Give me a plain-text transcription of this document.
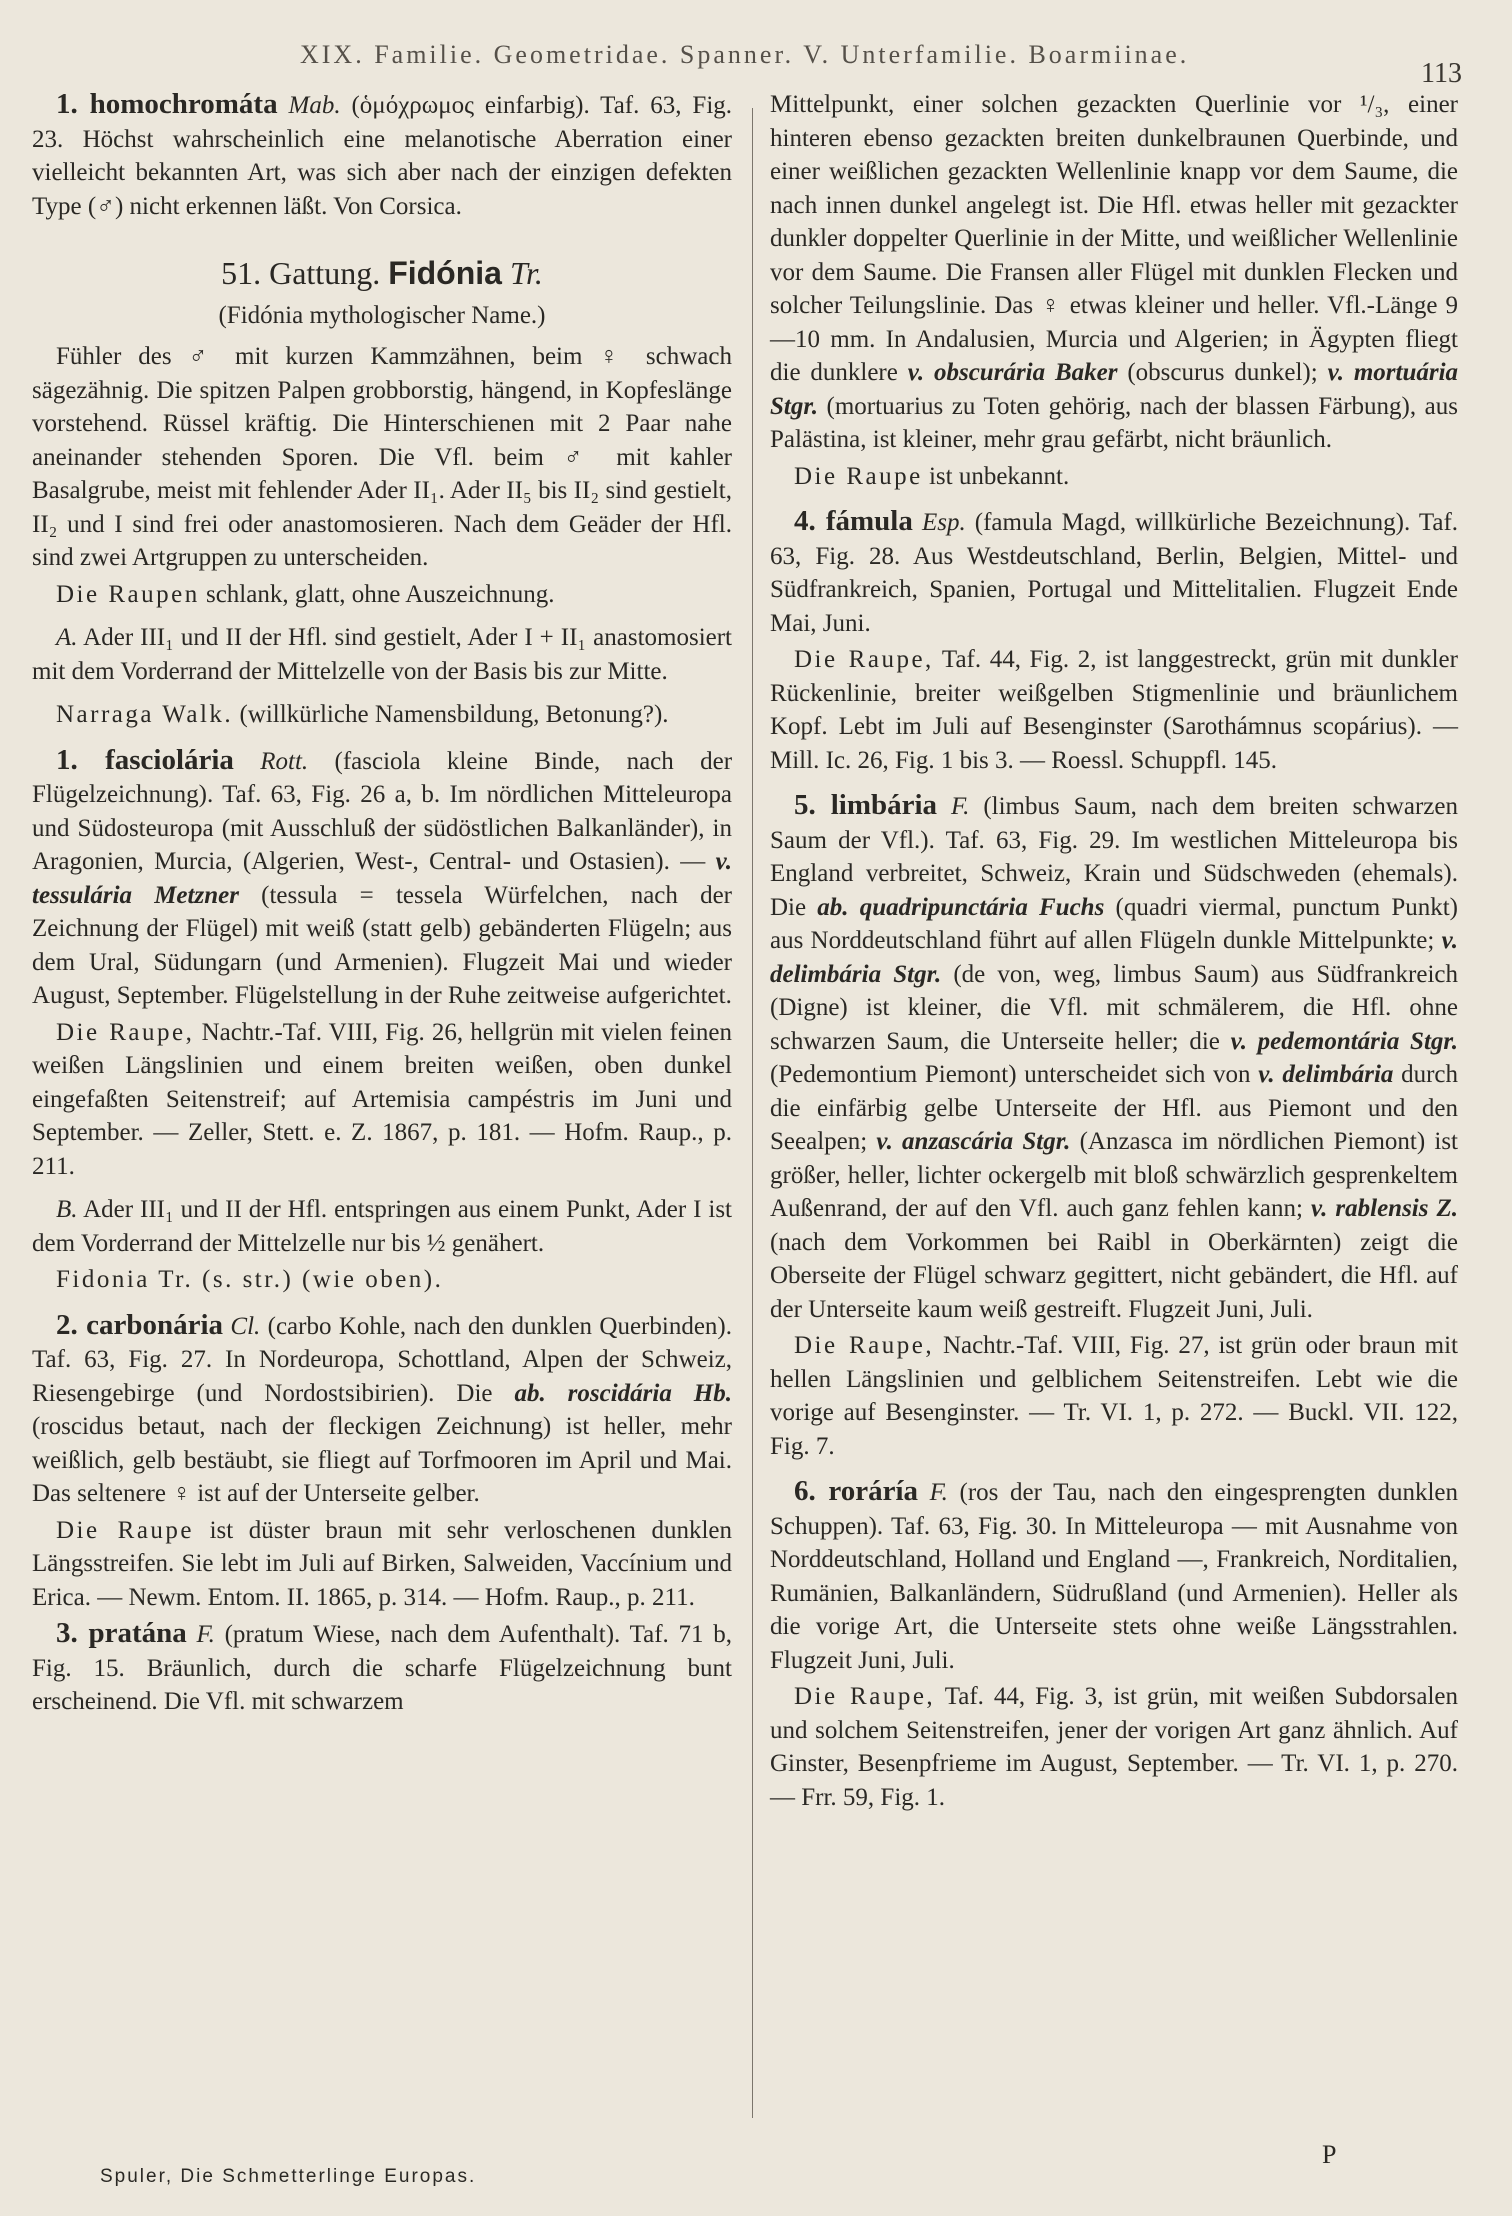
XIX. Familie. Geometridae. Spanner. V. Unterfamilie. Boarmiinae.
113

1. homochromáta Mab. (ὁμόχρωμος einfarbig). Taf. 63, Fig. 23. Höchst wahrscheinlich eine melanotische Aberration einer vielleicht bekannten Art, was sich aber nach der einzigen defekten Type (♂) nicht erkennen läßt. Von Corsica.

51. Gattung. Fidónia Tr.

(Fidónia mythologischer Name.)

Fühler des ♂ mit kurzen Kammzähnen, beim ♀ schwach sägezähnig. Die spitzen Palpen grobborstig, hängend, in Kopfeslänge vorstehend. Rüssel kräftig. Die Hinterschienen mit 2 Paar nahe aneinander stehenden Sporen. Die Vfl. beim ♂ mit kahler Basalgrube, meist mit fehlender Ader II₁. Ader II₅ bis II₂ sind gestielt, II₂ und I sind frei oder anastomosieren. Nach dem Geäder der Hfl. sind zwei Artgruppen zu unterscheiden.

Die Raupen schlank, glatt, ohne Auszeichnung.

A. Ader III₁ und II der Hfl. sind gestielt, Ader I + II₁ anastomosiert mit dem Vorderrand der Mittelzelle von der Basis bis zur Mitte.

Narraga Walk. (willkürliche Namensbildung, Betonung?).

1. fasciolária Rott. (fasciola kleine Binde, nach der Flügelzeichnung). Taf. 63, Fig. 26 a, b. Im nördlichen Mitteleuropa und Südosteuropa (mit Ausschluß der südöstlichen Balkanländer), in Aragonien, Murcia, (Algerien, West-, Central- und Ostasien). — v. tessulária Metzner (tessula = tessela Würfelchen, nach der Zeichnung der Flügel) mit weiß (statt gelb) gebänderten Flügeln; aus dem Ural, Südungarn (und Armenien). Flugzeit Mai und wieder August, September. Flügelstellung in der Ruhe zeitweise aufgerichtet.

Die Raupe, Nachtr.-Taf. VIII, Fig. 26, hellgrün mit vielen feinen weißen Längslinien und einem breiten weißen, oben dunkel eingefaßten Seitenstreif; auf Artemisia campéstris im Juni und September. — Zeller, Stett. e. Z. 1867, p. 181. — Hofm. Raup., p. 211.

B. Ader III₁ und II der Hfl. entspringen aus einem Punkt, Ader I ist dem Vorderrand der Mittelzelle nur bis ½ genähert.

Fidonia Tr. (s. str.) (wie oben).

2. carbonária Cl. (carbo Kohle, nach den dunklen Querbinden). Taf. 63, Fig. 27. In Nordeuropa, Schottland, Alpen der Schweiz, Riesengebirge (und Nordostsibirien). Die ab. roscidária Hb. (roscidus betaut, nach der fleckigen Zeichnung) ist heller, mehr weißlich, gelb bestäubt, sie fliegt auf Torfmooren im April und Mai. Das seltenere ♀ ist auf der Unterseite gelber.

Die Raupe ist düster braun mit sehr verloschenen dunklen Längsstreifen. Sie lebt im Juli auf Birken, Salweiden, Vaccínium und Erica. — Newm. Entom. II. 1865, p. 314. — Hofm. Raup., p. 211.

3. pratána F. (pratum Wiese, nach dem Aufenthalt). Taf. 71 b, Fig. 15. Bräunlich, durch die scharfe Flügelzeichnung bunt erscheinend. Die Vfl. mit schwarzem

Mittelpunkt, einer solchen gezackten Querlinie vor ¹/₃, einer hinteren ebenso gezackten breiten dunkelbraunen Querbinde, und einer weißlichen gezackten Wellenlinie knapp vor dem Saume, die nach innen dunkel angelegt ist. Die Hfl. etwas heller mit gezackter dunkler doppelter Querlinie in der Mitte, und weißlicher Wellenlinie vor dem Saume. Die Fransen aller Flügel mit dunklen Flecken und solcher Teilungslinie. Das ♀ etwas kleiner und heller. Vfl.-Länge 9—10 mm. In Andalusien, Murcia und Algerien; in Ägypten fliegt die dunklere v. obscurária Baker (obscurus dunkel); v. mortuária Stgr. (mortuarius zu Toten gehörig, nach der blassen Färbung), aus Palästina, ist kleiner, mehr grau gefärbt, nicht bräunlich.

Die Raupe ist unbekannt.

4. fámula Esp. (famula Magd, willkürliche Bezeichnung). Taf. 63, Fig. 28. Aus Westdeutschland, Berlin, Belgien, Mittel- und Südfrankreich, Spanien, Portugal und Mittelitalien. Flugzeit Ende Mai, Juni.

Die Raupe, Taf. 44, Fig. 2, ist langgestreckt, grün mit dunkler Rückenlinie, breiter weißgelben Stigmenlinie und bräunlichem Kopf. Lebt im Juli auf Besenginster (Sarothámnus scopárius). — Mill. Ic. 26, Fig. 1 bis 3. — Roessl. Schuppfl. 145.

5. limbária F. (limbus Saum, nach dem breiten schwarzen Saum der Vfl.). Taf. 63, Fig. 29. Im westlichen Mitteleuropa bis England verbreitet, Schweiz, Krain und Südschweden (ehemals). Die ab. quadripunctária Fuchs (quadri viermal, punctum Punkt) aus Norddeutschland führt auf allen Flügeln dunkle Mittelpunkte; v. delimbária Stgr. (de von, weg, limbus Saum) aus Südfrankreich (Digne) ist kleiner, die Vfl. mit schmälerem, die Hfl. ohne schwarzen Saum, die Unterseite heller; die v. pedemontária Stgr. (Pedemontium Piemont) unterscheidet sich von v. delimbária durch die einfärbig gelbe Unterseite der Hfl. aus Piemont und den Seealpen; v. anzascária Stgr. (Anzasca im nördlichen Piemont) ist größer, heller, lichter ockergelb mit bloß schwärzlich gesprenkeltem Außenrand, der auf den Vfl. auch ganz fehlen kann; v. rablensis Z. (nach dem Vorkommen bei Raibl in Oberkärnten) zeigt die Oberseite der Flügel schwarz gegittert, nicht gebändert, die Hfl. auf der Unterseite kaum weiß gestreift. Flugzeit Juni, Juli.

Die Raupe, Nachtr.-Taf. VIII, Fig. 27, ist grün oder braun mit hellen Längslinien und gelblichem Seitenstreifen. Lebt wie die vorige auf Besenginster. — Tr. VI. 1, p. 272. — Buckl. VII. 122, Fig. 7.

6. roráría F. (ros der Tau, nach den eingesprengten dunklen Schuppen). Taf. 63, Fig. 30. In Mitteleuropa — mit Ausnahme von Norddeutschland, Holland und England —, Frankreich, Norditalien, Rumänien, Balkanländern, Südrußland (und Armenien). Heller als die vorige Art, die Unterseite stets ohne weiße Längsstrahlen. Flugzeit Juni, Juli.

Die Raupe, Taf. 44, Fig. 3, ist grün, mit weißen Subdorsalen und solchem Seitenstreifen, jener der vorigen Art ganz ähnlich. Auf Ginster, Besenpfrieme im August, September. — Tr. VI. 1, p. 270. — Frr. 59, Fig. 1.

Spuler, Die Schmetterlinge Europas.
P
